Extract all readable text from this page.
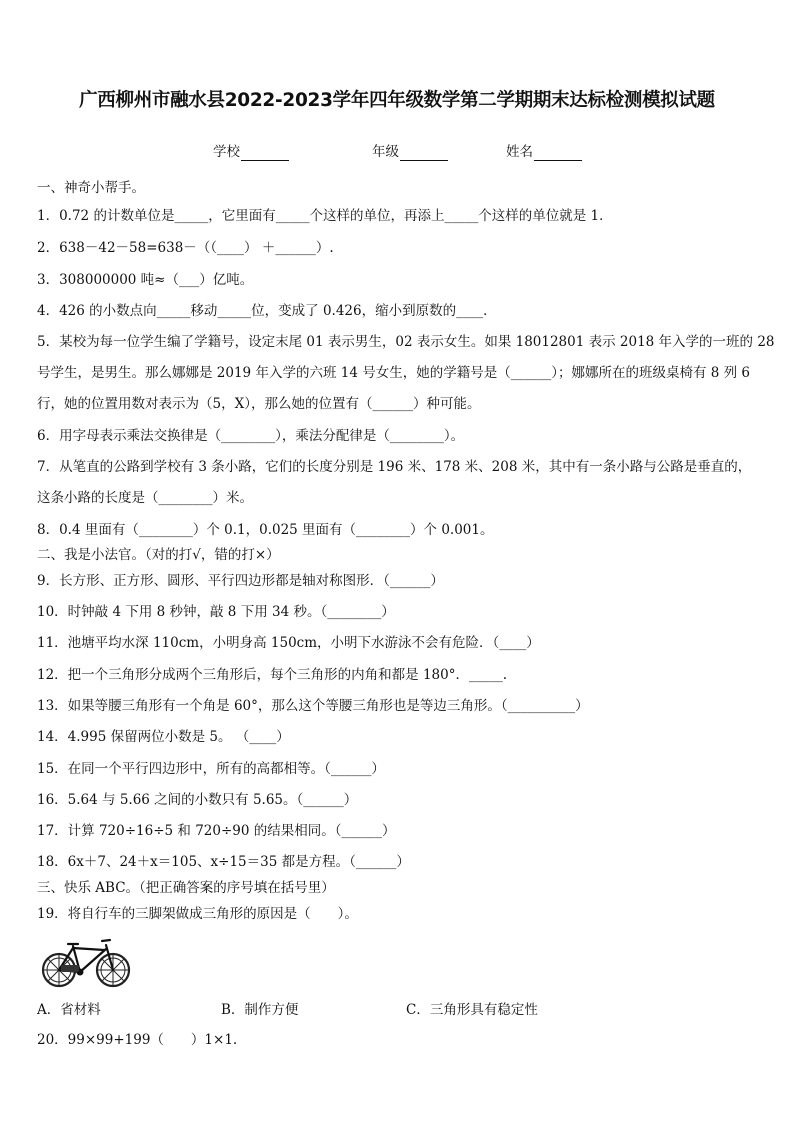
广西柳州市融水县2022-2023学年四年级数学第二学期期末达标检测模拟试题
学校	年级	姓名
一、神奇小帮手。
1．0.72 的计数单位是_____，它里面有_____个这样的单位，再添上_____个这样的单位就是 1．
2．638－42－58=638－（（____） ＋______）.
3．308000000 吨≈（___）亿吨。
4．426 的小数点向_____移动_____位，变成了 0.426，缩小到原数的____．
5．某校为每一位学生编了学籍号，设定末尾 01 表示男生，02 表示女生。如果 18012801 表示 2018 年入学的一班的 28
号学生，是男生。那么娜娜是 2019 年入学的六班 14 号女生，她的学籍号是（______）；娜娜所在的班级桌椅有 8 列 6
行，她的位置用数对表示为（5，X），那么她的位置有（______）种可能。
6．用字母表示乘法交换律是（________），乘法分配律是（________）。
7．从笔直的公路到学校有 3 条小路，它们的长度分别是 196 米、178 米、208 米，其中有一条小路与公路是垂直的，
这条小路的长度是（________）米。
8．0.4 里面有（________）个 0.1，0.025 里面有（________）个 0.001。
二、我是小法官。（对的打√，错的打×）
9．长方形、正方形、圆形、平行四边形都是轴对称图形．（______）
10．时钟敲 4 下用 8 秒钟，敲 8 下用 34 秒。（________）
11．池塘平均水深 110cm，小明身高 150cm，小明下水游泳不会有危险．（____）
12．把一个三角形分成两个三角形后，每个三角形的内角和都是 180°．_____.
13．如果等腰三角形有一个角是 60°，那么这个等腰三角形也是等边三角形。（__________）
14．4.995 保留两位小数是 5。 （____）
15．在同一个平行四边形中，所有的高都相等。（______）
16．5.64 与 5.66 之间的小数只有 5.65。（______）
17．计算 720÷16÷5 和 720÷90 的结果相同。（______）
18．6x＋7、24＋x＝105、x÷15＝35 都是方程。（______）
三、快乐 ABC。（把正确答案的序号填在括号里）
19．将自行车的三脚架做成三角形的原因是（　　）。
A．省材料	B．制作方便	C．三角形具有稳定性
20．99×99+199（　　）1×1.
